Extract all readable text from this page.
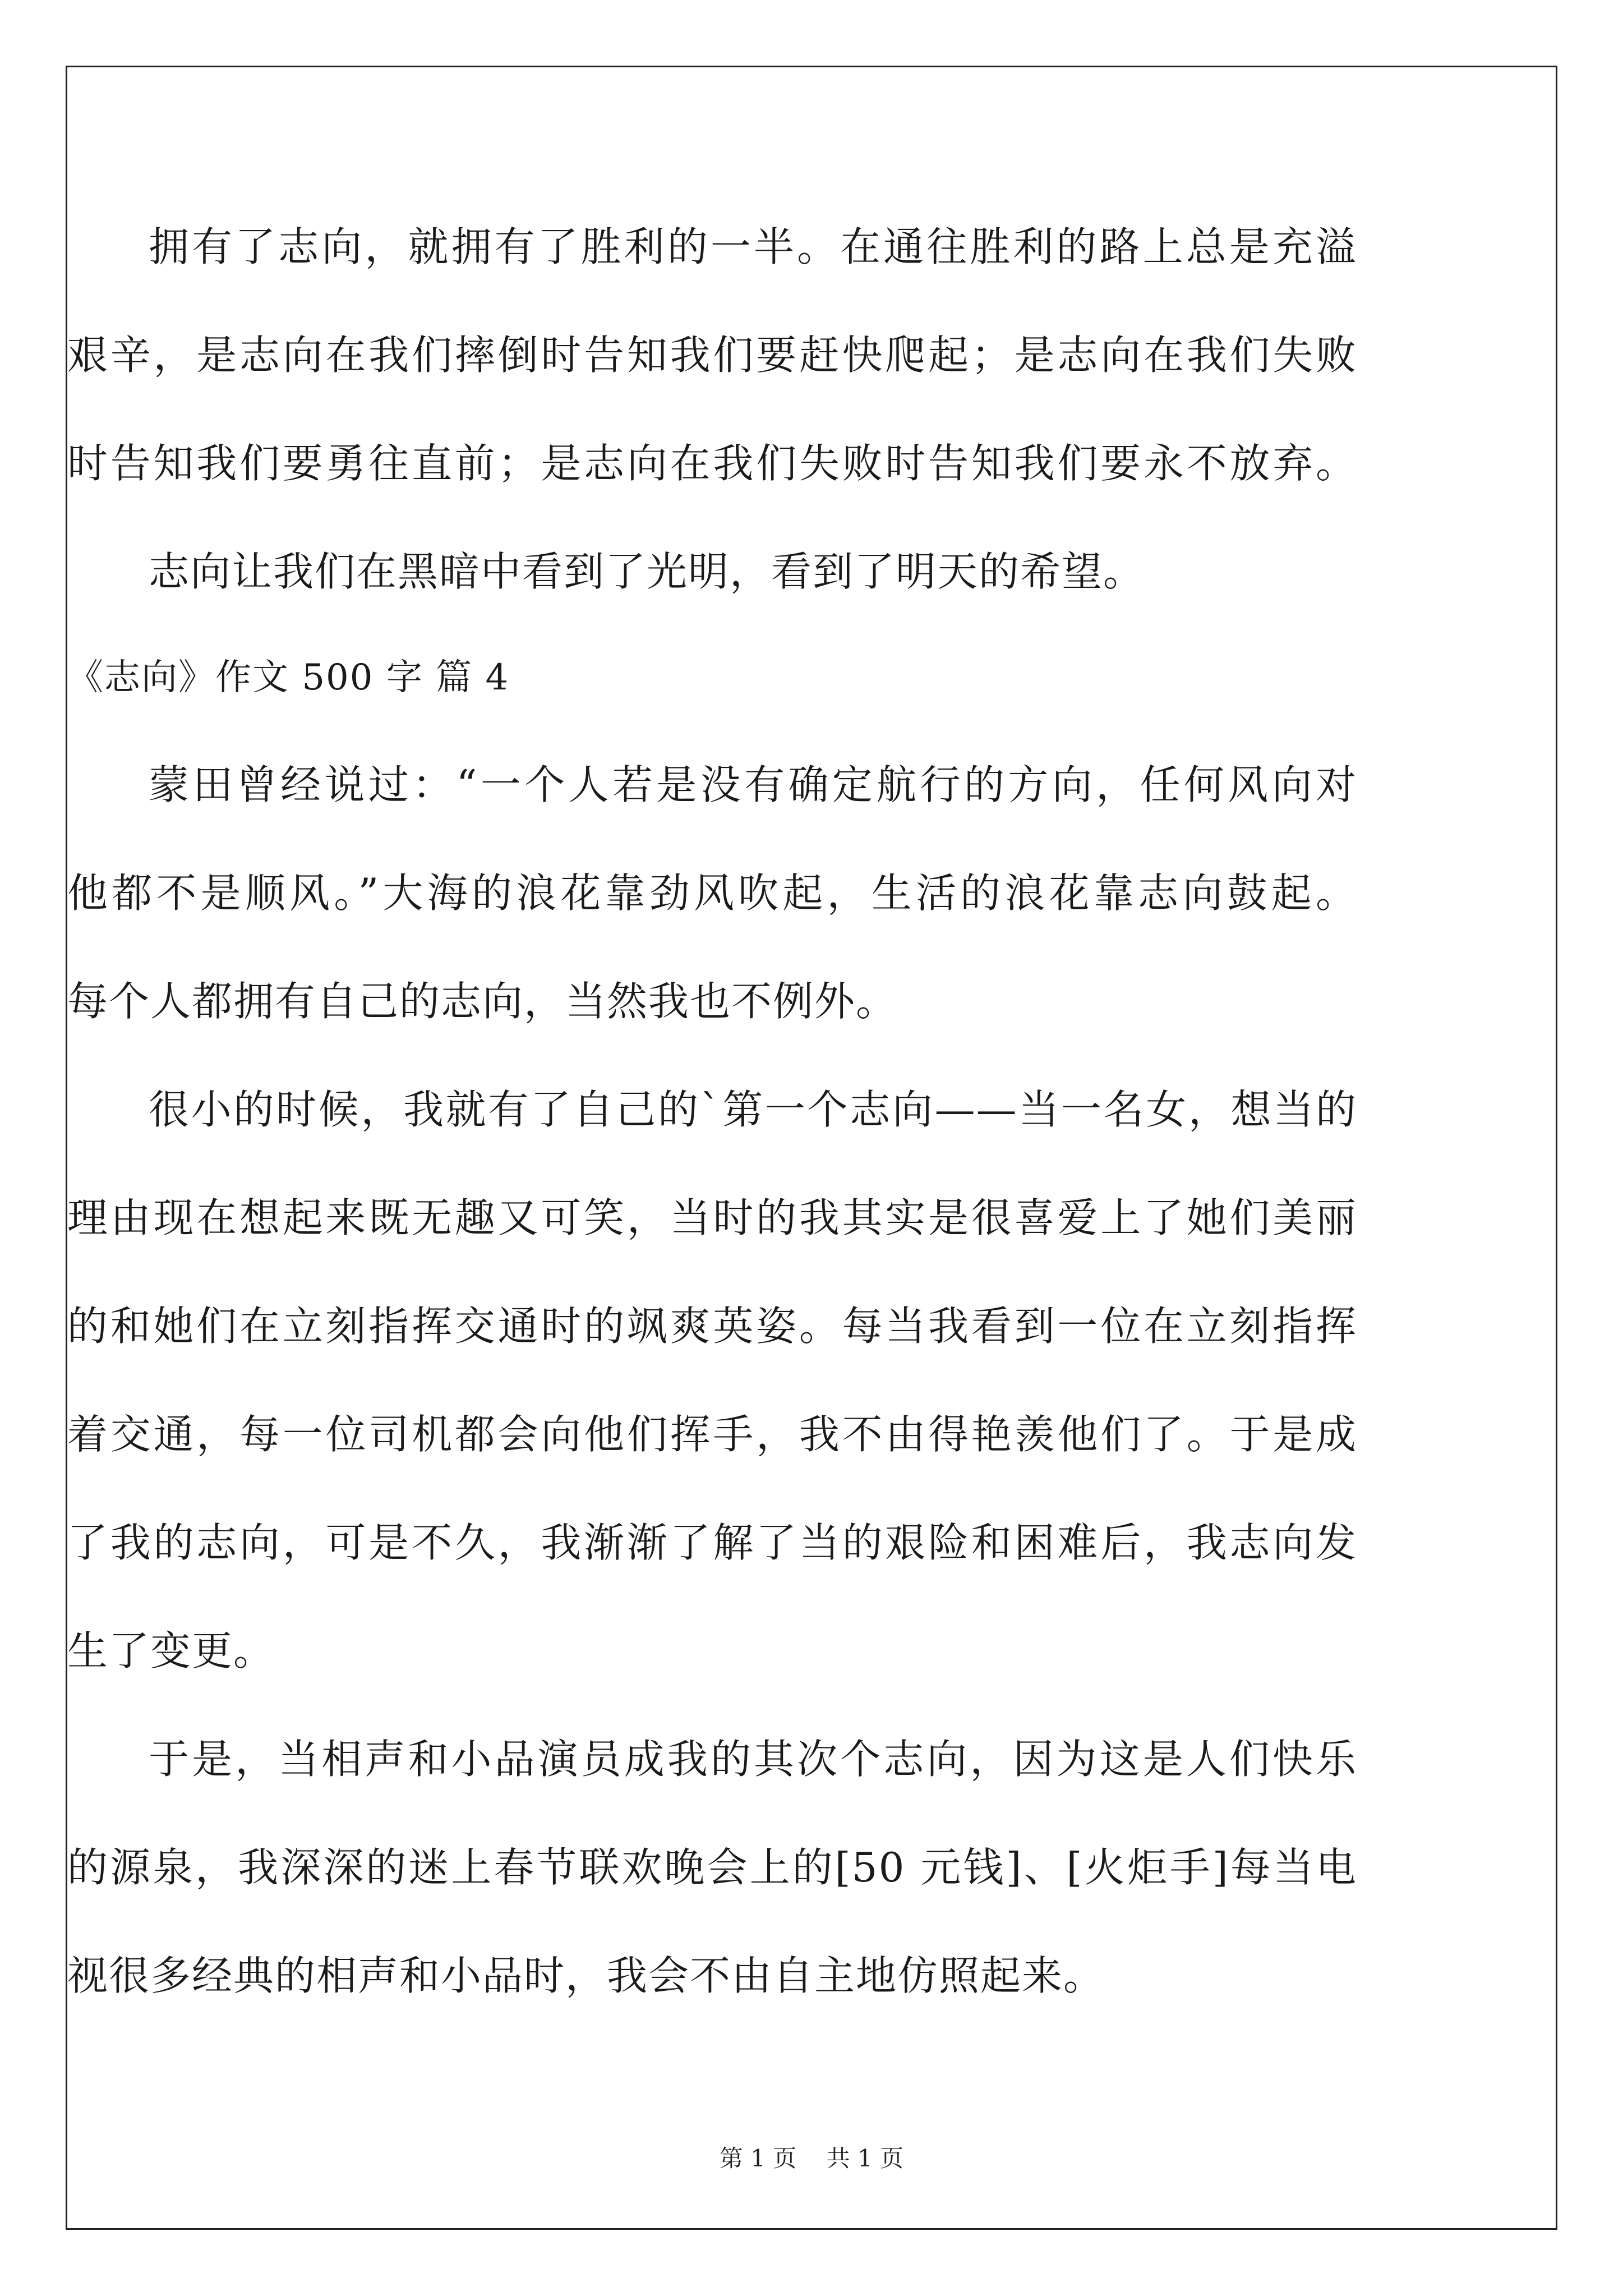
拥有了志向，就拥有了胜利的一半。在通往胜利的路上总是充溢
艰辛，是志向在我们摔倒时告知我们要赶快爬起；是志向在我们失败
时告知我们要勇往直前；是志向在我们失败时告知我们要永不放弃。
志向让我们在黑暗中看到了光明，看到了明天的希望。
《志向》作文 500 字 篇 4
蒙田曾经说过：“一个人若是没有确定航行的方向，任何风向对
他都不是顺风。”大海的浪花靠劲风吹起，生活的浪花靠志向鼓起。
每个人都拥有自己的志向，当然我也不例外。
很小的时候，我就有了自己的`第一个志向——当一名女，想当的
理由现在想起来既无趣又可笑，当时的我其实是很喜爱上了她们美丽
的和她们在立刻指挥交通时的飒爽英姿。每当我看到一位在立刻指挥
着交通，每一位司机都会向他们挥手，我不由得艳羡他们了。于是成
了我的志向，可是不久，我渐渐了解了当的艰险和困难后，我志向发
生了变更。
于是，当相声和小品演员成我的其次个志向，因为这是人们快乐
的源泉，我深深的迷上春节联欢晚会上的[50 元钱]、[火炬手]每当电
视很多经典的相声和小品时，我会不由自主地仿照起来。
第 1 页    共 1 页
